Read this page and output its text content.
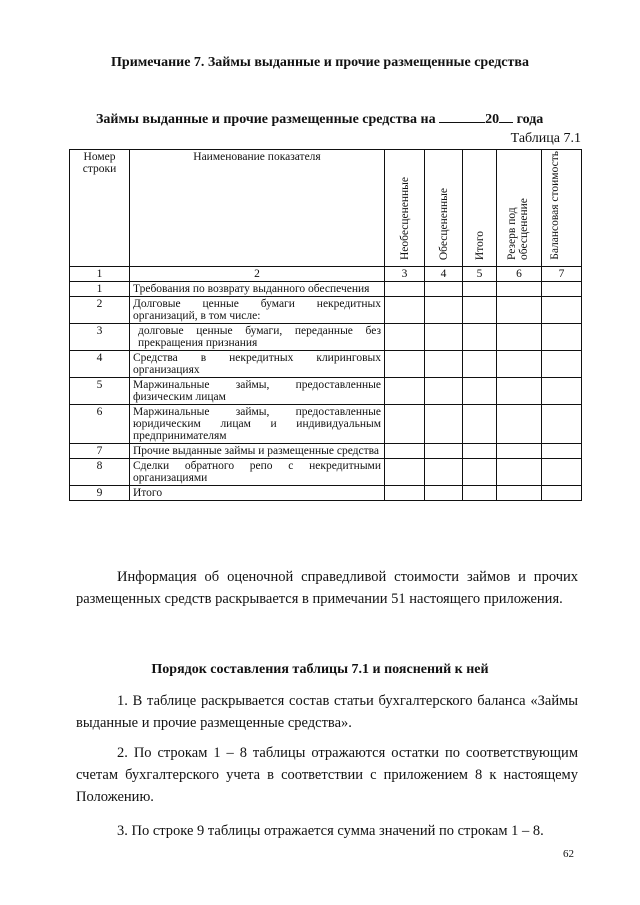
Примечание 7. Займы выданные и прочие размещенные средства
Займы выданные и прочие размещенные средства на	20 года
Таблица 7.1
Номер строки	Наименование показателя	Необесцененные	Обесцененные	Итого	Резерв под обесценение	Балансовая стоимость

1	2	3	4	5	6	7
1	Требования по возврату выданного обеспечения					
2	Долговые ценные бумаги некредитных организаций, в том числе:					
3	долговые ценные бумаги, переданные без прекращения признания					
4	Средства в некредитных клиринговых организациях					
5	Маржинальные займы, предоставленные физическим лицам					
6	Маржинальные займы, предоставленные юридическим лицам и индивидуальным предпринимателям					
7	Прочие выданные займы и размещенные средства					
8	Сделки обратного репо с некредитными организациями					
9	Итого					
Информация об оценочной справедливой стоимости займов и прочих размещенных средств раскрывается в примечании 51 настоящего приложения.
Порядок составления таблицы 7.1 и пояснений к ней
1. В таблице раскрывается состав статьи бухгалтерского баланса «Займы выданные и прочие размещенные средства».
2. По строкам 1 – 8 таблицы отражаются остатки по соответствующим счетам бухгалтерского учета в соответствии с приложением 8 к настоящему Положению.
3. По строке 9 таблицы отражается сумма значений по строкам 1 – 8.
62
